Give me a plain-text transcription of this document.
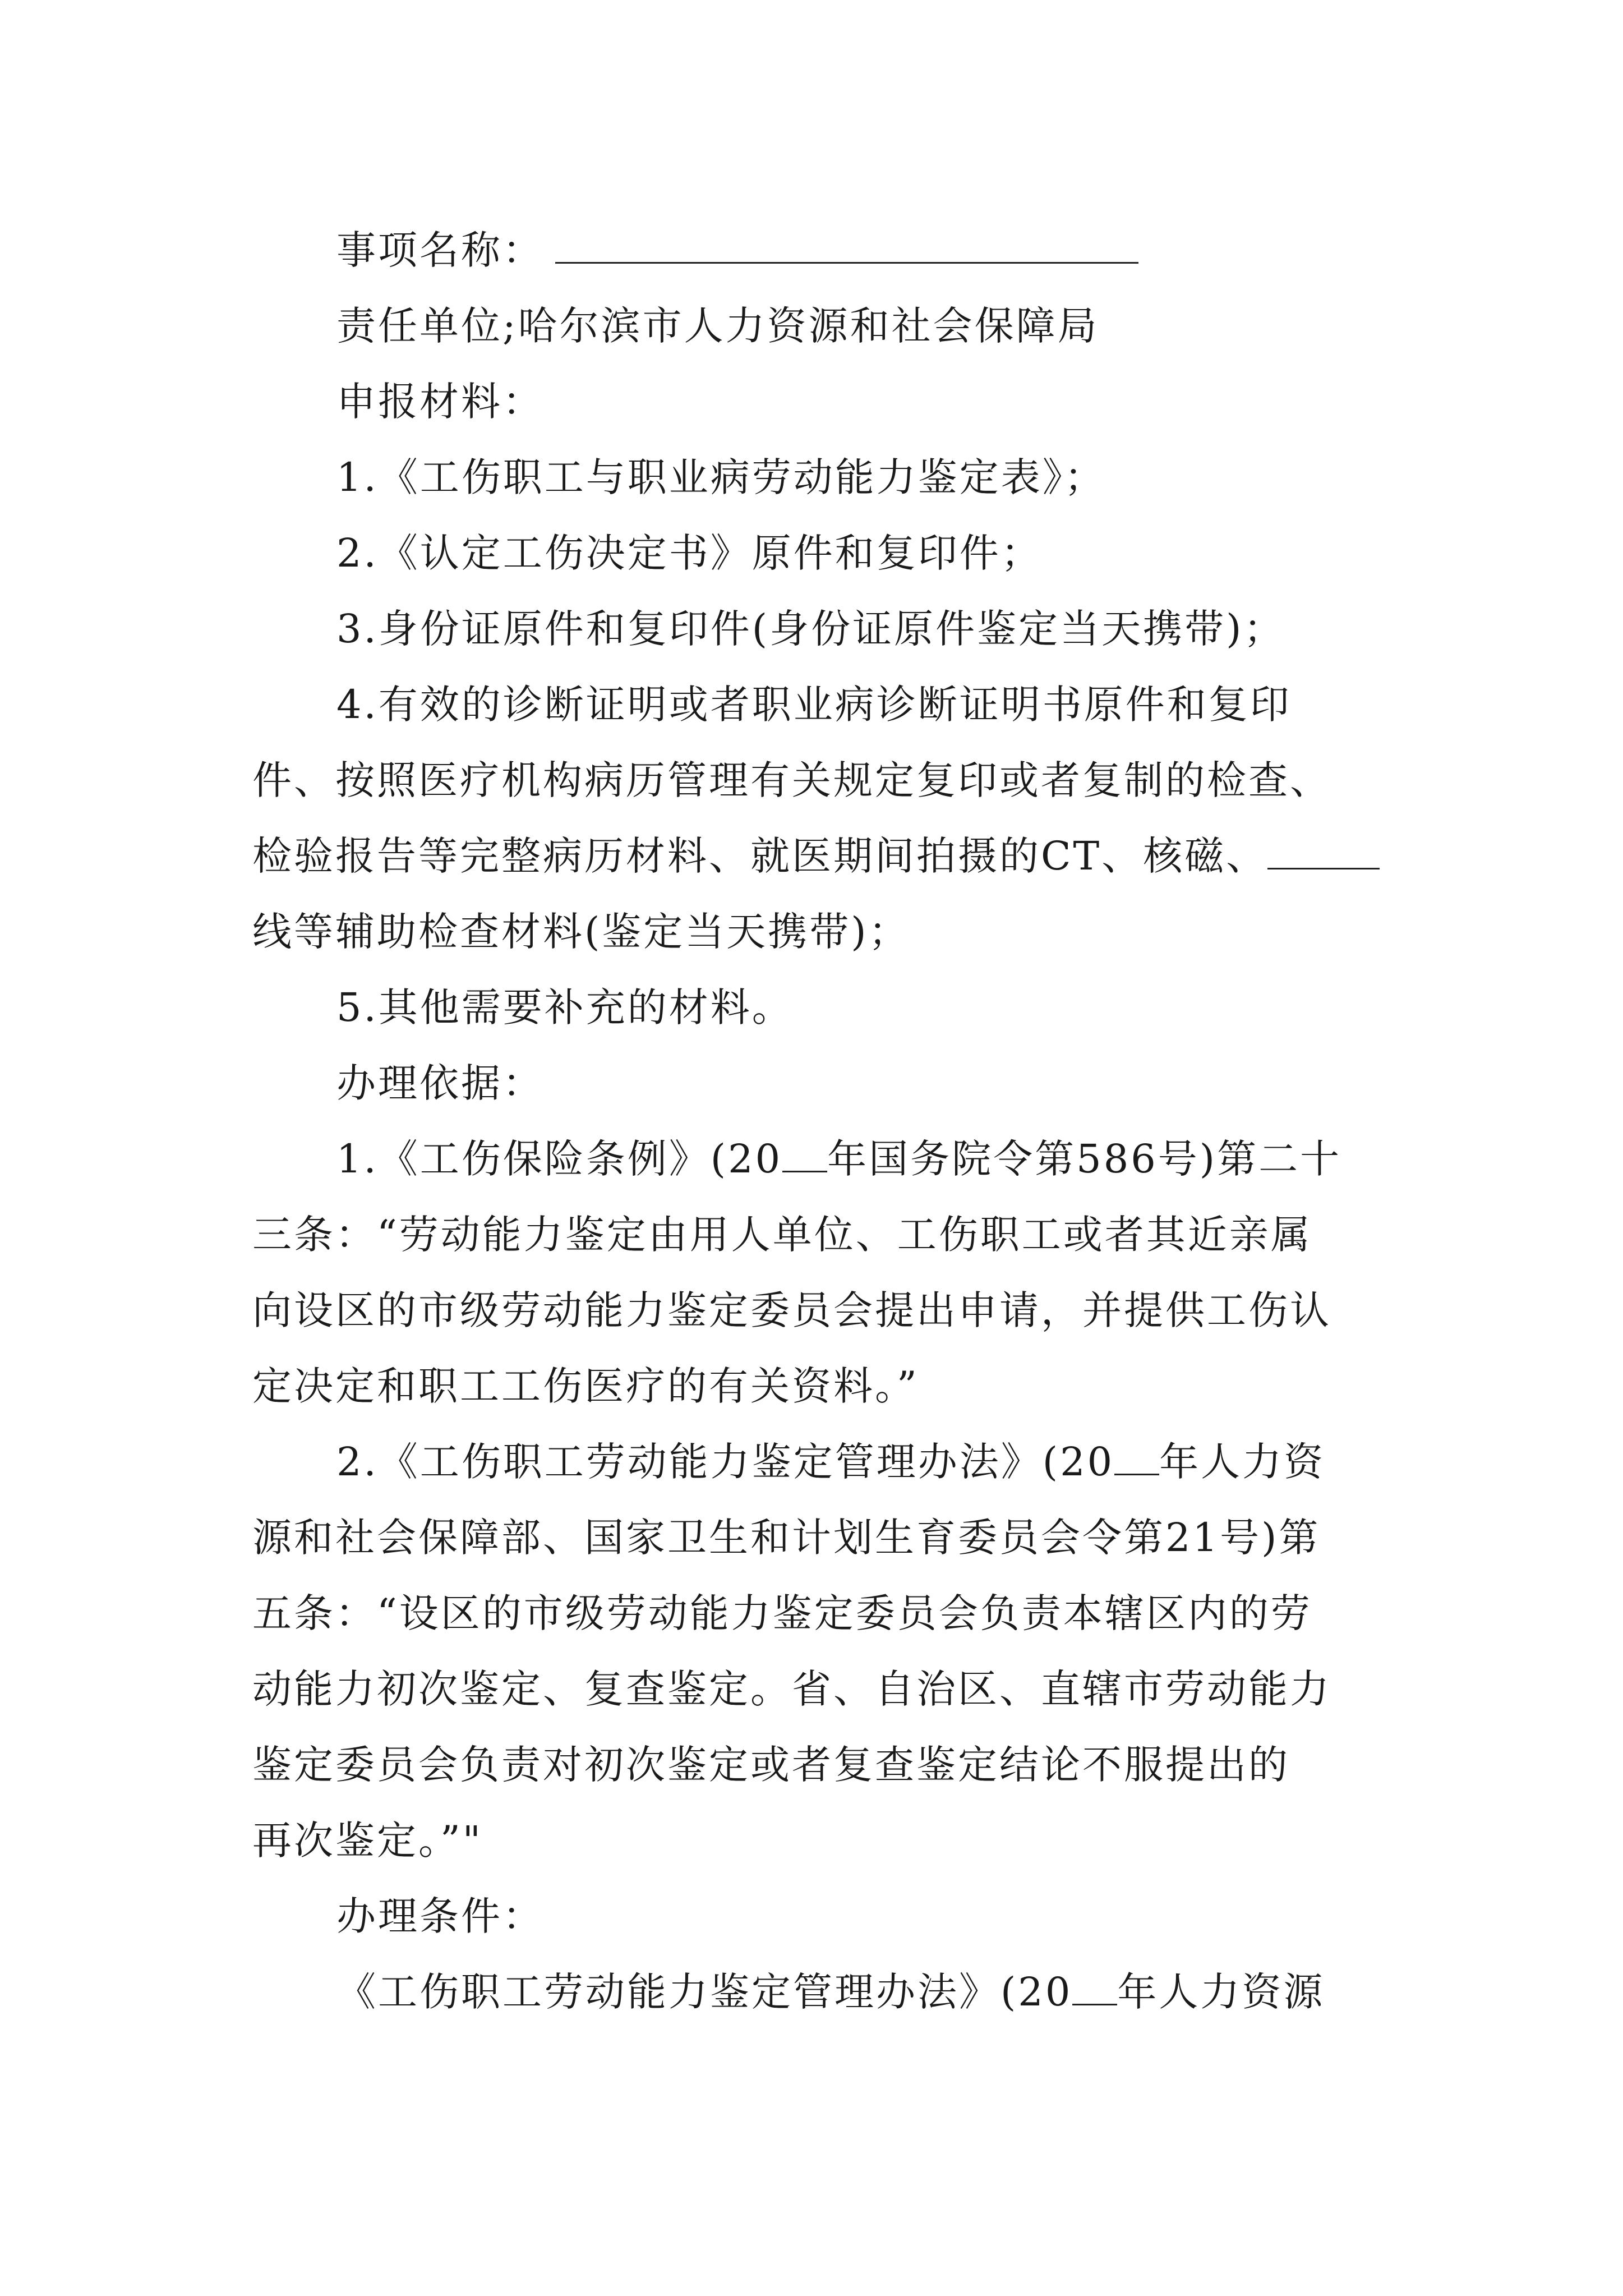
事项名称：
责任单位;哈尔滨市人力资源和社会保障局
申报材料：
1.《工伤职工与职业病劳动能力鉴定表》；
2.《认定工伤决定书》原件和复印件；
3.身份证原件和复印件(身份证原件鉴定当天携带)；
4.有效的诊断证明或者职业病诊断证明书原件和复印
件、按照医疗机构病历管理有关规定复印或者复制的检查、
检验报告等完整病历材料、就医期间拍摄的CT、核磁、
线等辅助检查材料(鉴定当天携带)；
5.其他需要补充的材料。
办理依据：
1.《工伤保险条例》(20 年国务院令第586号)第二十
三条：“劳动能力鉴定由用人单位、工伤职工或者其近亲属
向设区的市级劳动能力鉴定委员会提出申请，并提供工伤认
定决定和职工工伤医疗的有关资料。”
2.《工伤职工劳动能力鉴定管理办法》(20 年人力资
源和社会保障部、国家卫生和计划生育委员会令第21号)第
五条：“设区的市级劳动能力鉴定委员会负责本辖区内的劳
动能力初次鉴定、复查鉴定。省、自治区、直辖市劳动能力
鉴定委员会负责对初次鉴定或者复查鉴定结论不服提出的
再次鉴定。”"
办理条件：
《工伤职工劳动能力鉴定管理办法》(20 年人力资源
